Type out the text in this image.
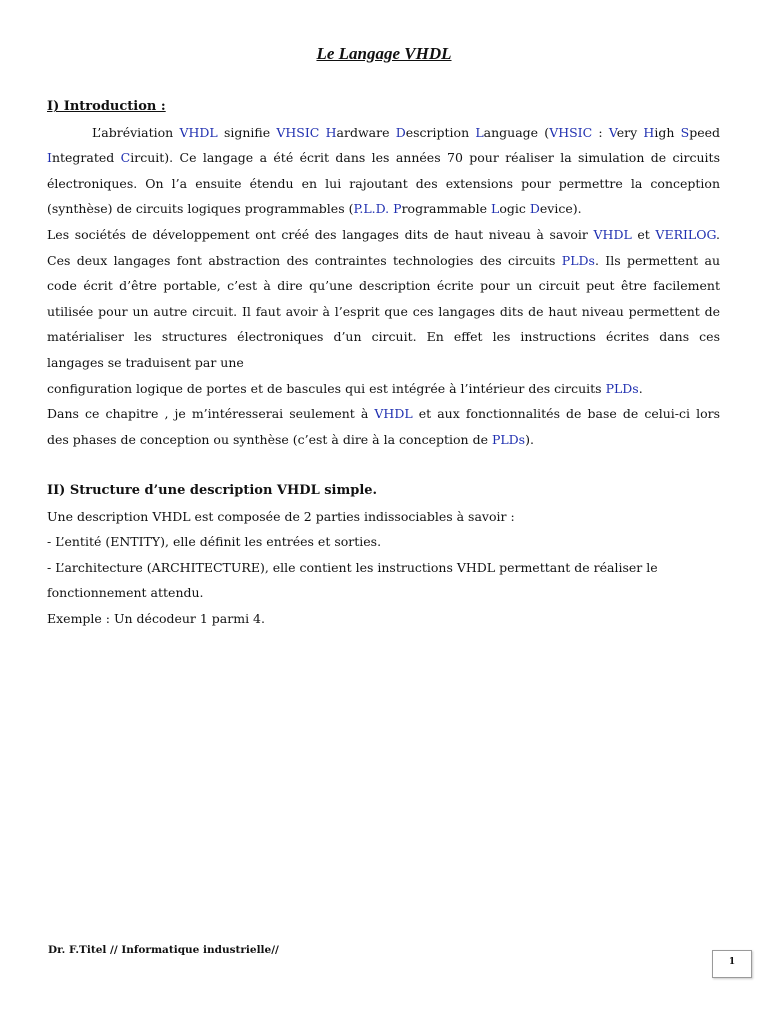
Le Langage VHDL
I) Introduction :
L’abréviation VHDL signifie VHSIC Hardware Description Language (VHSIC : Very High Speed
Integrated Circuit). Ce langage a été écrit dans les années 70 pour réaliser la simulation de circuits
électroniques. On l’a ensuite étendu en lui rajoutant des extensions pour permettre la conception
(synthèse) de circuits logiques programmables (P.L.D. Programmable Logic Device).
Les sociétés de développement ont créé des langages dits de haut niveau à savoir VHDL et VERILOG.
Ces deux langages font abstraction des contraintes technologies des circuits PLDs. Ils permettent au
code écrit d’être portable, c’est à dire qu’une description écrite pour un circuit peut être facilement
utilisée pour un autre circuit. Il faut avoir à l’esprit que ces langages dits de haut niveau permettent de
matérialiser les structures électroniques d’un circuit. En effet les instructions écrites dans ces
langages se traduisent par une
configuration logique de portes et de bascules qui est intégrée à l’intérieur des circuits PLDs.
Dans ce chapitre , je m’intéresserai seulement à VHDL et aux fonctionnalités de base de celui-ci lors
des phases de conception ou synthèse (c’est à dire à la conception de PLDs).
II) Structure d’une description VHDL simple.
Une description VHDL est composée de 2 parties indissociables à savoir :
- L’entité (ENTITY), elle définit les entrées et sorties.
- L’architecture (ARCHITECTURE), elle contient les instructions VHDL permettant de réaliser le
fonctionnement attendu.
Exemple : Un décodeur 1 parmi 4.
Dr. F.Titel // Informatique industrielle//
1
